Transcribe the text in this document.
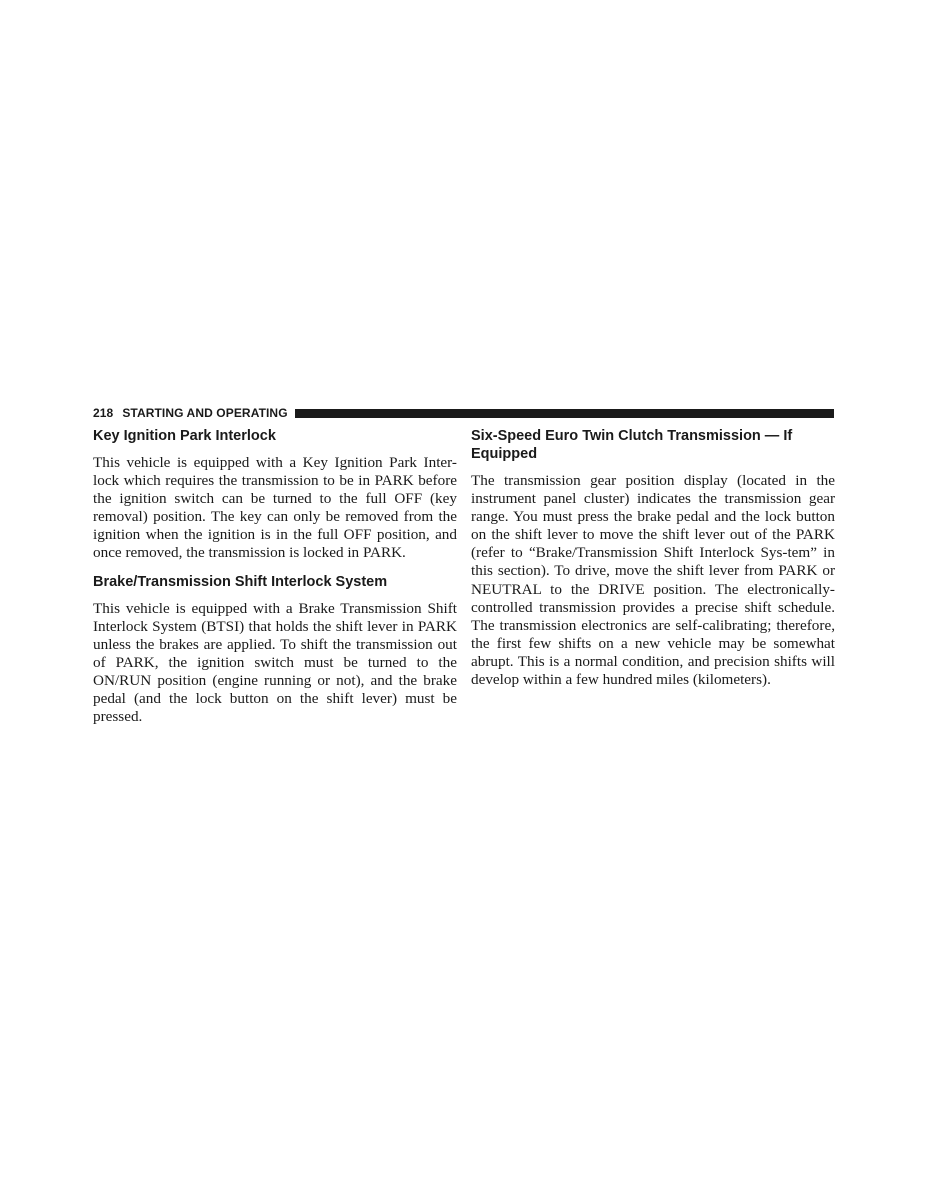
218 STARTING AND OPERATING
Key Ignition Park Interlock

This vehicle is equipped with a Key Ignition Park Inter-lock which requires the transmission to be in PARK before the ignition switch can be turned to the full OFF (key removal) position. The key can only be removed from the ignition when the ignition is in the full OFF position, and once removed, the transmission is locked in PARK.

Brake/Transmission Shift Interlock System

This vehicle is equipped with a Brake Transmission Shift Interlock System (BTSI) that holds the shift lever in PARK unless the brakes are applied. To shift the transmission out of PARK, the ignition switch must be turned to the ON/RUN position (engine running or not), and the brake pedal (and the lock button on the shift lever) must be pressed.

Six-Speed Euro Twin Clutch Transmission — If Equipped

The transmission gear position display (located in the instrument panel cluster) indicates the transmission gear range. You must press the brake pedal and the lock button on the shift lever to move the shift lever out of the PARK (refer to “Brake/Transmission Shift Interlock Sys-tem” in this section). To drive, move the shift lever from PARK or NEUTRAL to the DRIVE position. The electronically-controlled transmission provides a precise shift schedule. The transmission electronics are self-calibrating; therefore, the first few shifts on a new vehicle may be somewhat abrupt. This is a normal condition, and precision shifts will develop within a few hundred miles (kilometers).
